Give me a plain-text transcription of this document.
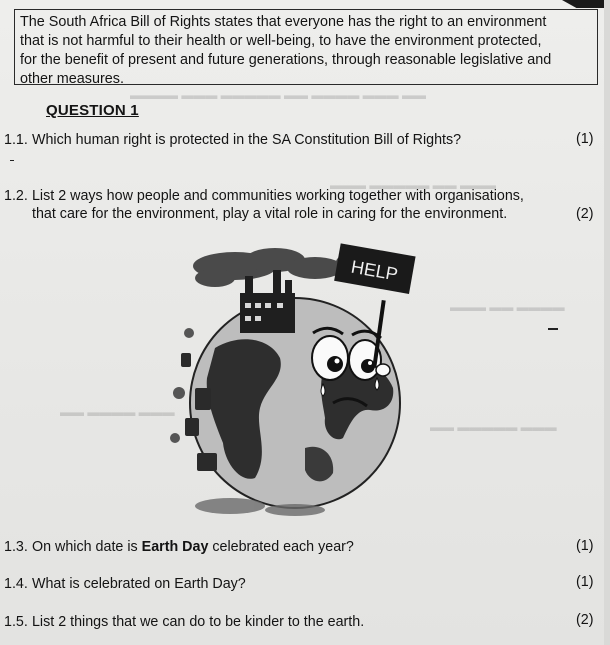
▬▬ ▬▬▬ ▬▬▬▬ ▬▬ ▬▬▬▬▬ ▬▬▬ ▬▬▬▬
▬▬▬ ▬▬ ▬▬▬▬▬ ▬▬▬
▬▬▬▬ ▬▬ ▬▬▬
▬▬▬ ▬▬▬▬ ▬▬
▬▬▬ ▬▬▬▬▬ ▬▬
The South Africa Bill of Rights states that everyone has the right to an environment
that is not harmful to their health or well-being, to have the environment protected,
for the benefit of present and future generations, through reasonable legislative and
other measures.
QUESTION 1
1.1. Which human right is protected in the SA Constitution Bill of Rights?	(1)
1.2. List 2 ways how people and communities working together with organisations,
that care for the environment, play a vital role in caring for the environment.	(2)
HELP
1.3. On which date is Earth Day celebrated each year?	(1)
1.4. What is celebrated on Earth Day?	(1)
1.5. List 2 things that we can do to be kinder to the earth.	(2)
